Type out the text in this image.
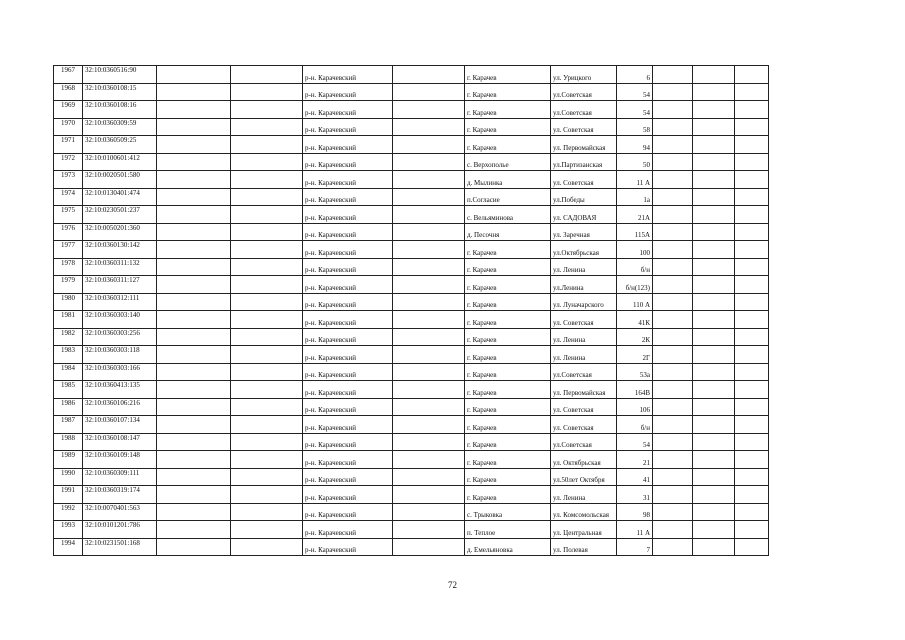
1967	32:10:0360516:90			р-н. Карачевский		г. Карачев	ул. Урицкого	6			
1968	32:10:0360108:15			р-н. Карачевский		г. Карачев	ул.Советская	54			
1969	32:10:0360108:16			р-н. Карачевский		г. Карачев	ул.Советская	54			
1970	32:10:0360309:59			р-н. Карачевский		г. Карачев	ул. Советская	58			
1971	32:10:0360509:25			р-н. Карачевский		г. Карачев	ул. Первомайская	94			
1972	32:10:0100601:412			р-н. Карачевский		с. Верхополье	ул.Партизанская	50			
1973	32:10:0020501:580			р-н. Карачевский		д. Мылинка	ул. Советская	11 А			
1974	32:10:0130401:474			р-н. Карачевский		п.Согласие	ул.Победы	1а			
1975	32:10:0230501:237			р-н. Карачевский		с. Вельяминова	ул. САДОВАЯ	21А			
1976	32:10:0050201:360			р-н. Карачевский		д. Песочня	ул. Заречная	115А			
1977	32:10:0360130:142			р-н. Карачевский		г. Карачев	ул.Октябрьская	100			
1978	32:10:0360311:132			р-н. Карачевский		г. Карачев	ул. Ленина	б/н			
1979	32:10:0360311:127			р-н. Карачевский		г. Карачев	ул.Ленина	б/н(123)			
1980	32:10:0360312:111			р-н. Карачевский		г. Карачев	ул. Луначарского	110 А			
1981	32:10:0360303:140			р-н. Карачевский		г. Карачев	ул. Советская	41К			
1982	32:10:0360303:256			р-н. Карачевский		г. Карачев	ул. Ленина	2К			
1983	32:10:0360303:118			р-н. Карачевский		г. Карачев	ул. Ленина	2Г			
1984	32:10:0360303:166			р-н. Карачевский		г. Карачев	ул.Советская	53а			
1985	32:10:0360413:135			р-н. Карачевский		г. Карачев	ул. Первомайская	164В			
1986	32:10:0360106:216			р-н. Карачевский		г. Карачев	ул. Советская	106			
1987	32:10:0360107:134			р-н. Карачевский		г. Карачев	ул. Советская	б/н			
1988	32:10:0360108:147			р-н. Карачевский		г. Карачев	ул.Советская	54			
1989	32:10:0360109:148			р-н. Карачевский		г. Карачев	ул. Октябрьская	21			
1990	32:10:0360309:111			р-н. Карачевский		г. Карачев	ул.50лет Октября	41			
1991	32:10:0360319:174			р-н. Карачевский		г. Карачев	ул. Ленина	31			
1992	32:10:0070401:563			р-н. Карачевский		с. Трыковка	ул. Комсомольская	98			
1993	32:10:0101201:786			р-н. Карачевский		п. Теплое	ул. Центральная	11 А			
1994	32:10:0231501:168			р-н. Карачевский		д. Емельяновка	ул. Полевая	7			
72
